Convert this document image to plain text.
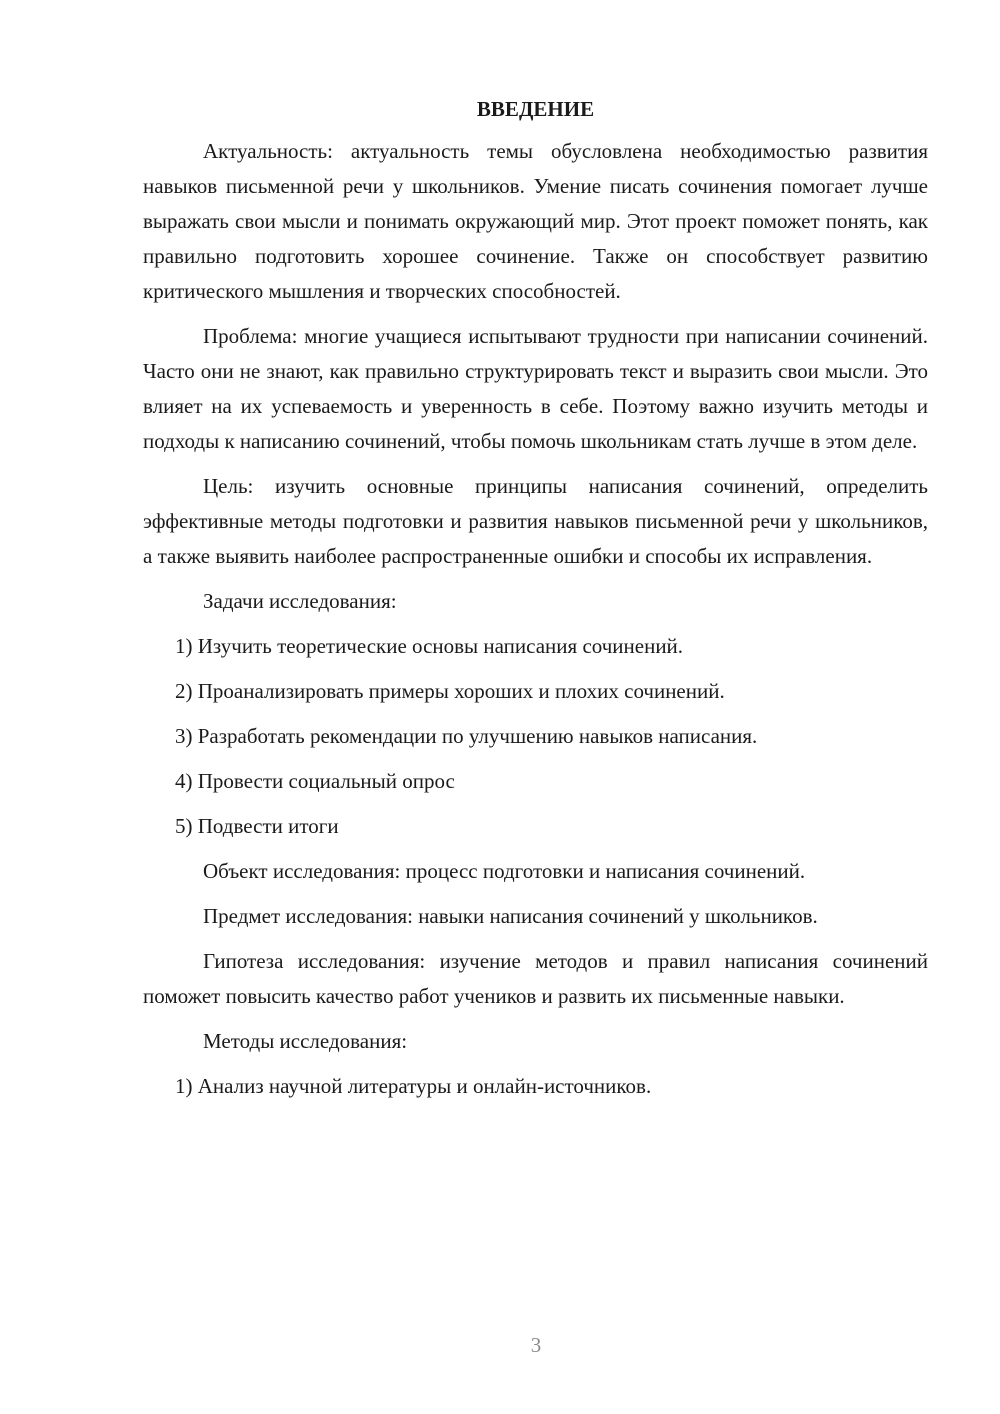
ВВЕДЕНИЕ
Актуальность: актуальность темы обусловлена необходимостью развития навыков письменной речи у школьников. Умение писать сочинения помогает лучше выражать свои мысли и понимать окружающий мир. Этот проект поможет понять, как правильно подготовить хорошее сочинение. Также он способствует развитию критического мышления и творческих способностей.
Проблема: многие учащиеся испытывают трудности при написании сочинений. Часто они не знают, как правильно структурировать текст и выразить свои мысли. Это влияет на их успеваемость и уверенность в себе. Поэтому важно изучить методы и подходы к написанию сочинений, чтобы помочь школьникам стать лучше в этом деле.
Цель: изучить основные принципы написания сочинений, определить эффективные методы подготовки и развития навыков письменной речи у школьников, а также выявить наиболее распространенные ошибки и способы их исправления.
Задачи исследования:
1) Изучить теоретические основы написания сочинений.
2) Проанализировать примеры хороших и плохих сочинений.
3) Разработать рекомендации по улучшению навыков написания.
4) Провести социальный опрос
5) Подвести итоги
Объект исследования: процесс подготовки и написания сочинений.
Предмет исследования: навыки написания сочинений у школьников.
Гипотеза исследования: изучение методов и правил написания сочинений поможет повысить качество работ учеников и развить их письменные навыки.
Методы исследования:
1) Анализ научной литературы и онлайн-источников.
3
